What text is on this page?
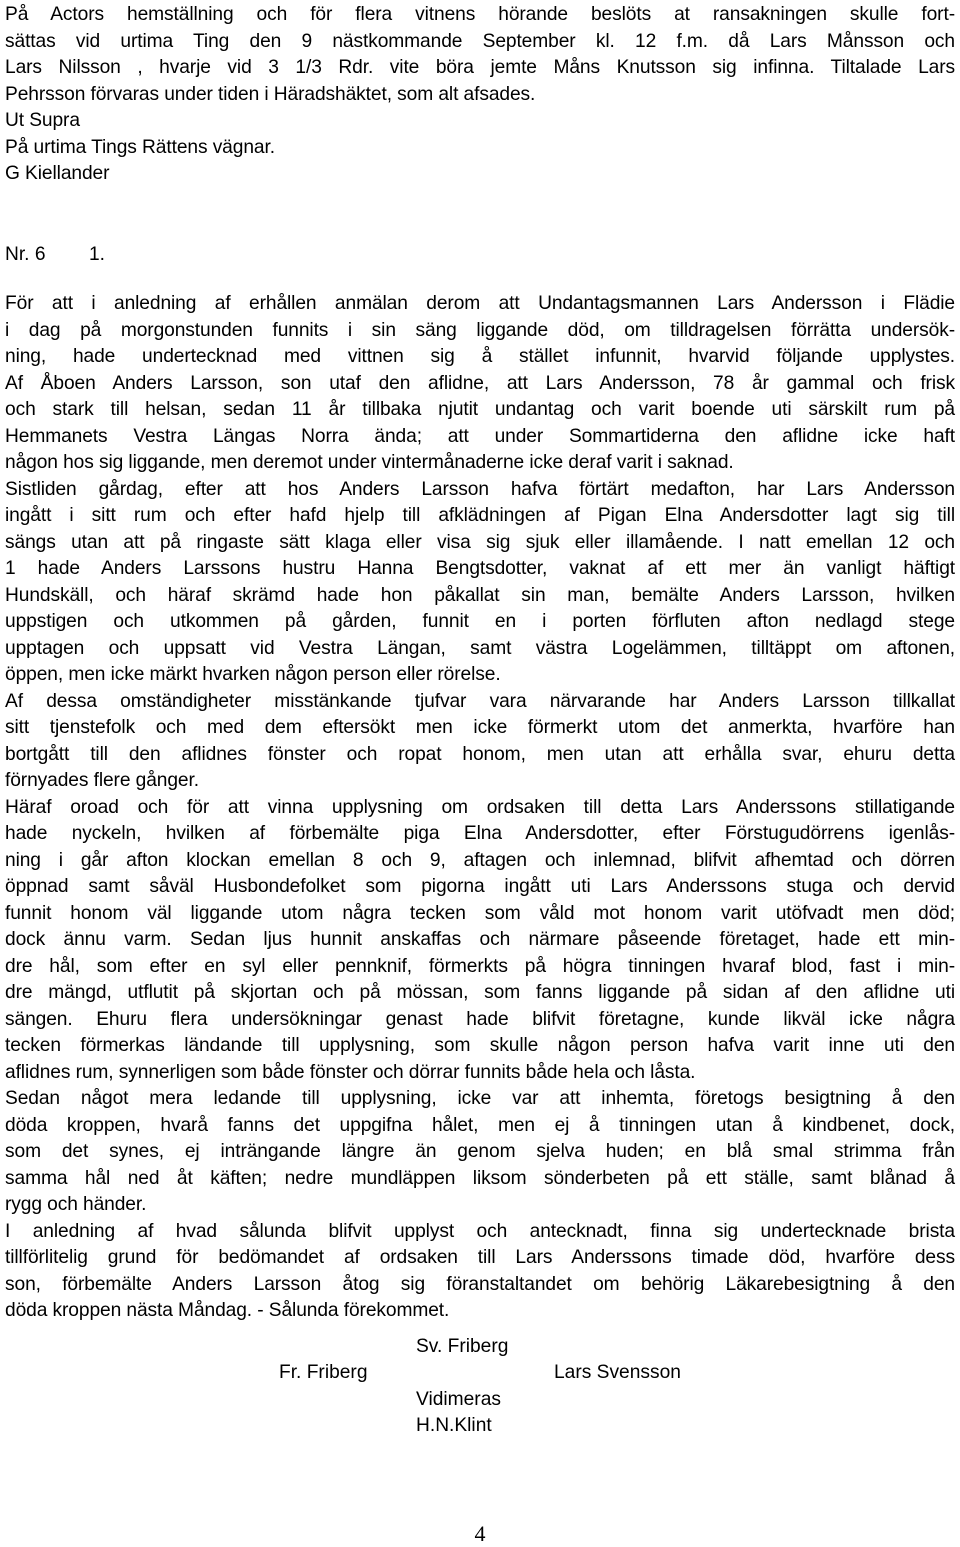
På Actors hemställning och för flera vitnens hörande beslöts at ransakningen skulle fort-
sättas vid urtima Ting den 9 nästkommande September kl. 12 f.m. då Lars Månsson och
Lars Nilsson , hvarje vid 3 1/3 Rdr. vite böra jemte Måns Knutsson sig infinna. Tiltalade Lars
Pehrsson förvaras under tiden i Häradshäktet, som alt afsades.
Ut Supra
På urtima Tings Rättens vägnar.
G Kiellander
Nr. 6 1.
För att i anledning af erhållen anmälan derom att Undantagsmannen Lars Andersson i Flädie
i dag på morgonstunden funnits i sin säng liggande död, om tilldragelsen förrätta undersök-
ning, hade undertecknad med vittnen sig å stället infunnit, hvarvid följande upplystes.
Af Åboen Anders Larsson, son utaf den aflidne, att Lars Andersson, 78 år gammal och frisk
och stark till helsan, sedan 11 år tillbaka njutit undantag och varit boende uti särskilt rum på
Hemmanets Vestra Längas Norra ända; att under Sommartiderna den aflidne icke haft
någon hos sig liggande, men deremot under vintermånaderne icke deraf varit i saknad.
Sistliden gårdag, efter att hos Anders Larsson hafva förtärt medafton, har Lars Andersson
ingått i sitt rum och efter hafd hjelp till afklädningen af Pigan Elna Andersdotter lagt sig till
sängs utan att på ringaste sätt klaga eller visa sig sjuk eller illamående. I natt emellan 12 och
1 hade Anders Larssons hustru Hanna Bengtsdotter, vaknat af ett mer än vanligt häftigt
Hundskäll, och häraf skrämd hade hon påkallat sin man, bemälte Anders Larsson, hvilken
uppstigen och utkommen på gården, funnit en i porten förfluten afton nedlagd stege
upptagen och uppsatt vid Vestra Längan, samt västra Logelämmen, tilltäppt om aftonen,
öppen, men icke märkt hvarken någon person eller rörelse.
Af dessa omständigheter misstänkande tjufvar vara närvarande har Anders Larsson tillkallat
sitt tjenstefolk och med dem eftersökt men icke förmerkt utom det anmerkta, hvarföre han
bortgått till den aflidnes fönster och ropat honom, men utan att erhålla svar, ehuru detta
förnyades flere gånger.
Häraf oroad och för att vinna upplysning om ordsaken till detta Lars Anderssons stillatigande
hade nyckeln, hvilken af förbemälte piga Elna Andersdotter, efter Förstugudörrens igenlås-
ning i går afton klockan emellan 8 och 9, aftagen och inlemnad, blifvit afhemtad och dörren
öppnad samt såväl Husbondefolket som pigorna ingått uti Lars Anderssons stuga och dervid
funnit honom väl liggande utom några tecken som våld mot honom varit utöfvadt men död;
dock ännu varm. Sedan ljus hunnit anskaffas och närmare påseende företaget, hade ett min-
dre hål, som efter en syl eller pennknif, förmerkts på högra tinningen hvaraf blod, fast i min-
dre mängd, utflutit på skjortan och på mössan, som fanns liggande på sidan af den aflidne uti
sängen. Ehuru flera undersökningar genast hade blifvit företagne, kunde likväl icke några
tecken förmerkas ländande till upplysning, som skulle någon person hafva varit inne uti den
aflidnes rum, synnerligen som både fönster och dörrar funnits både hela och låsta.
Sedan något mera ledande till upplysning, icke var att inhemta, företogs besigtning å den
döda kroppen, hvarå fanns det uppgifna hålet, men ej å tinningen utan å kindbenet, dock,
som det synes, ej inträngande längre än genom sjelva huden; en blå smal strimma från
samma hål ned åt käften; nedre mundläppen liksom sönderbeten på ett ställe, samt blånad å
rygg och händer.
I anledning af hvad sålunda blifvit upplyst och antecknadt, finna sig undertecknade brista
tillförlitelig grund för bedömandet af ordsaken till Lars Anderssons timade död, hvarföre dess
son, förbemälte Anders Larsson åtog sig föranstaltandet om behörig Läkarebesigtning å den
döda kroppen nästa Måndag. - Sålunda förekommet.
Sv. Friberg
Fr. Friberg	Lars Svensson
Vidimeras
H.N.Klint
4
